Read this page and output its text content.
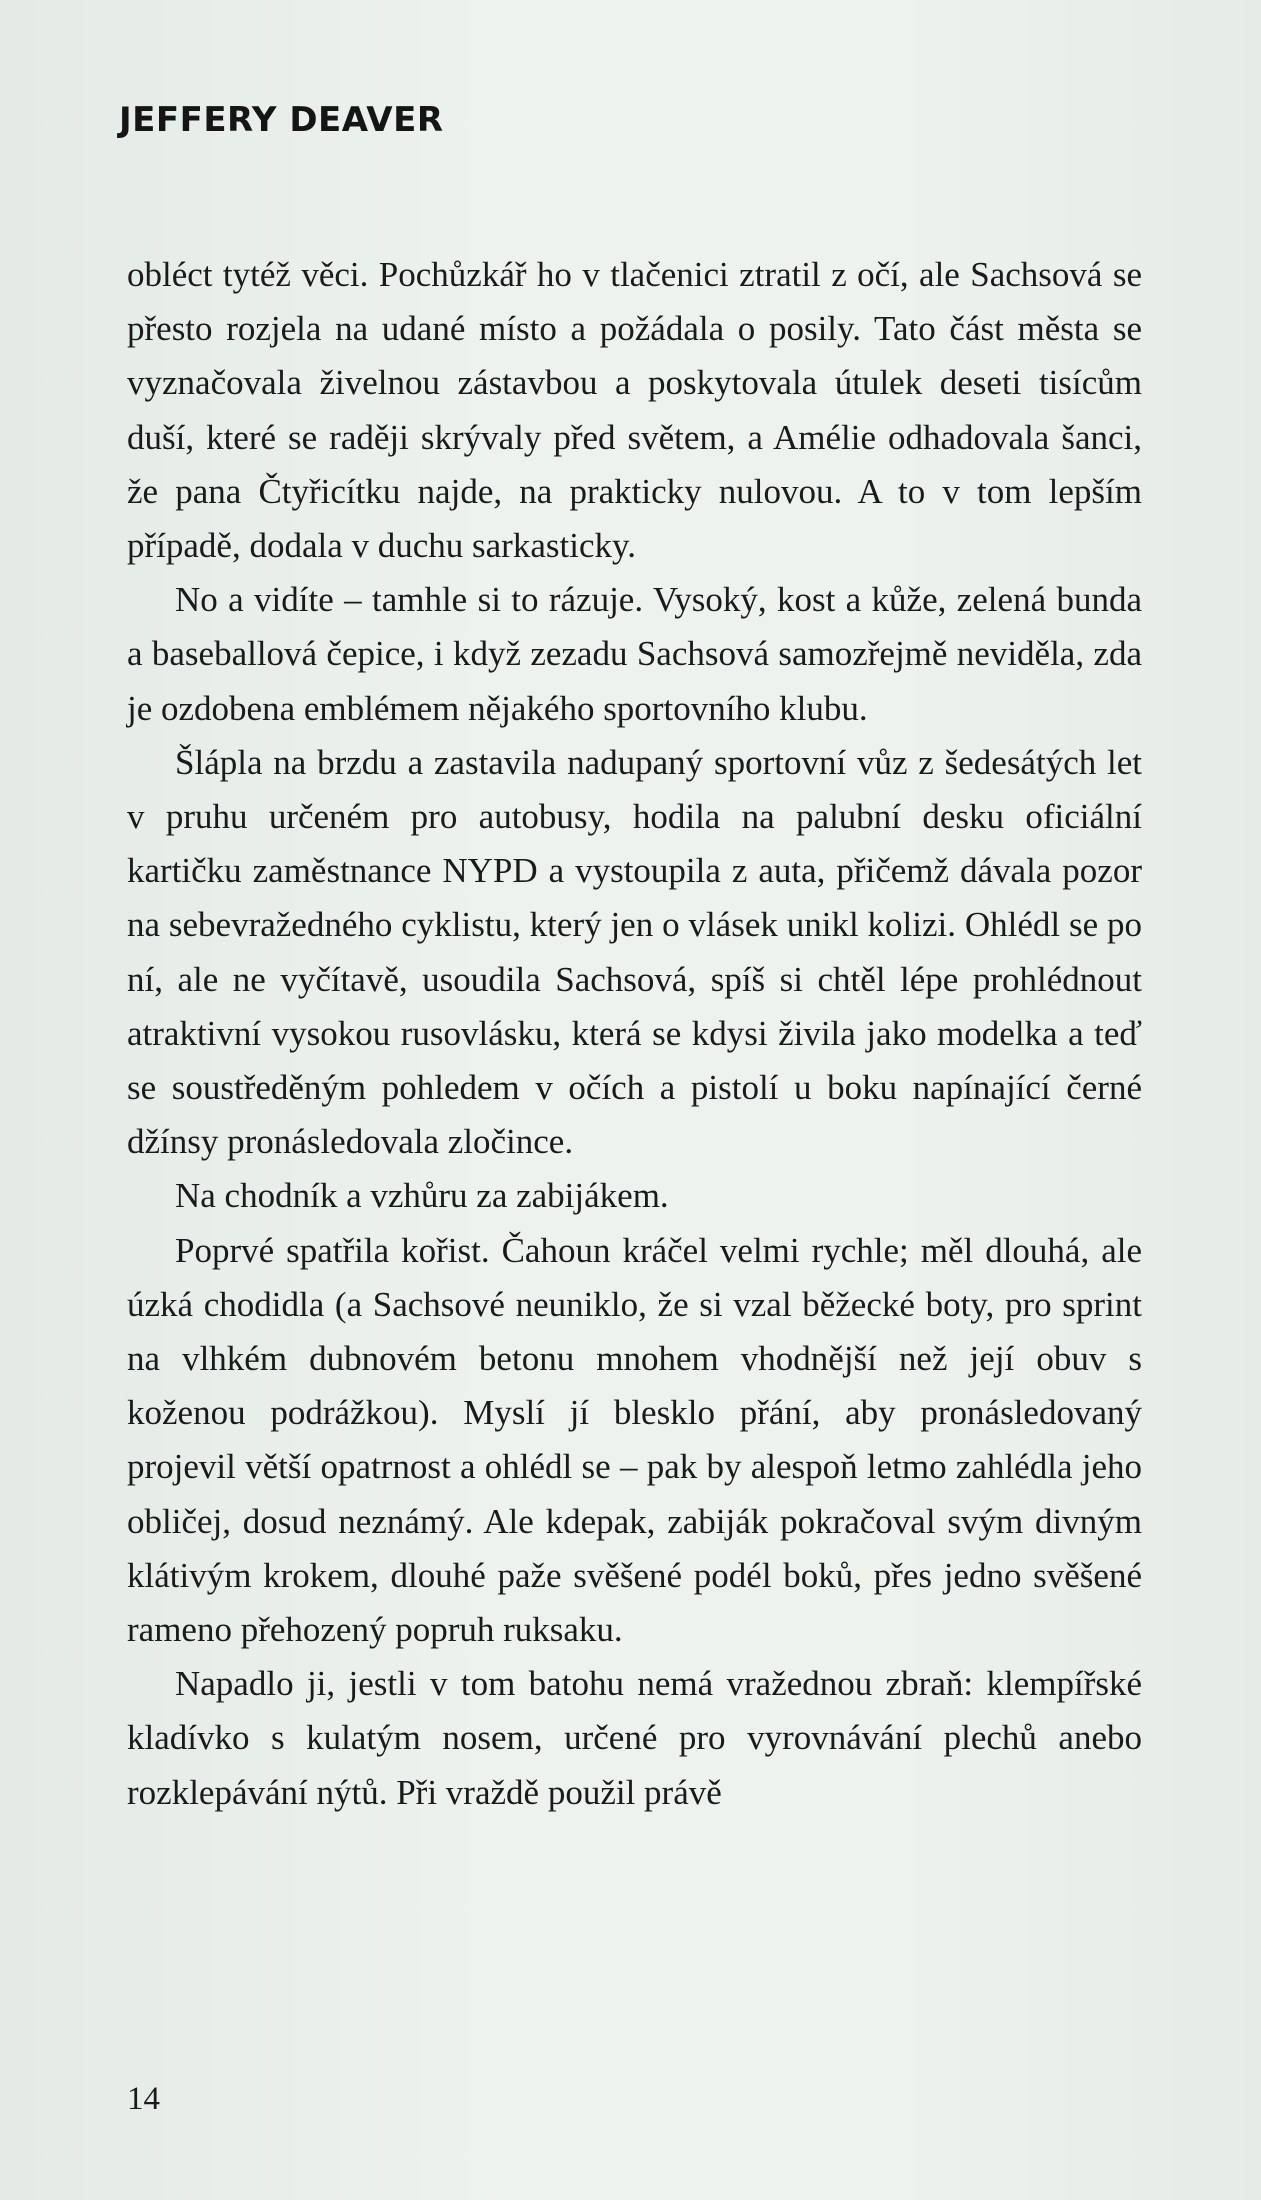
JEFFERY DEAVER

obléct tytéž věci. Pochůzkář ho v tlačenici ztratil z očí, ale Sachsová se přesto rozjela na udané místo a požádala o posily. Tato část města se vyznačovala živelnou zástavbou a poskytovala útulek deseti tisícům duší, které se raději skrývaly před světem, a Amélie odhadovala šanci, že pana Čtyřicítku najde, na prakticky nulovou. A to v tom lepším případě, dodala v duchu sarkasticky.

No a vidíte – tamhle si to rázuje. Vysoký, kost a kůže, zelená bunda a baseballová čepice, i když zezadu Sachsová samozřejmě neviděla, zda je ozdobena emblémem nějakého sportovního klubu.

Šlápla na brzdu a zastavila nadupaný sportovní vůz z šedesátých let v pruhu určeném pro autobusy, hodila na palubní desku oficiální kartičku zaměstnance NYPD a vystoupila z auta, přičemž dávala pozor na sebevražedného cyklistu, který jen o vlásek unikl kolizi. Ohlédl se po ní, ale ne vyčítavě, usoudila Sachsová, spíš si chtěl lépe prohlédnout atraktivní vysokou rusovlásku, která se kdysi živila jako modelka a teď se soustředěným pohledem v očích a pistolí u boku napínající černé džínsy pronásledovala zločince.

Na chodník a vzhůru za zabijákem.

Poprvé spatřila kořist. Čahoun kráčel velmi rychle; měl dlouhá, ale úzká chodidla (a Sachsové neuniklo, že si vzal běžecké boty, pro sprint na vlhkém dubnovém betonu mnohem vhodnější než její obuv s koženou podrážkou). Myslí jí blesklo přání, aby pronásledovaný projevil větší opatrnost a ohlédl se – pak by alespoň letmo zahlédla jeho obličej, dosud neznámý. Ale kdepak, zabiják pokračoval svým divným klátivým krokem, dlouhé paže svěšené podél boků, přes jedno svěšené rameno přehozený popruh ruksaku.

Napadlo ji, jestli v tom batohu nemá vražednou zbraň: klempířské kladívko s kulatým nosem, určené pro vyrovnávání plechů anebo rozklepávání nýtů. Při vraždě použil právě

14
